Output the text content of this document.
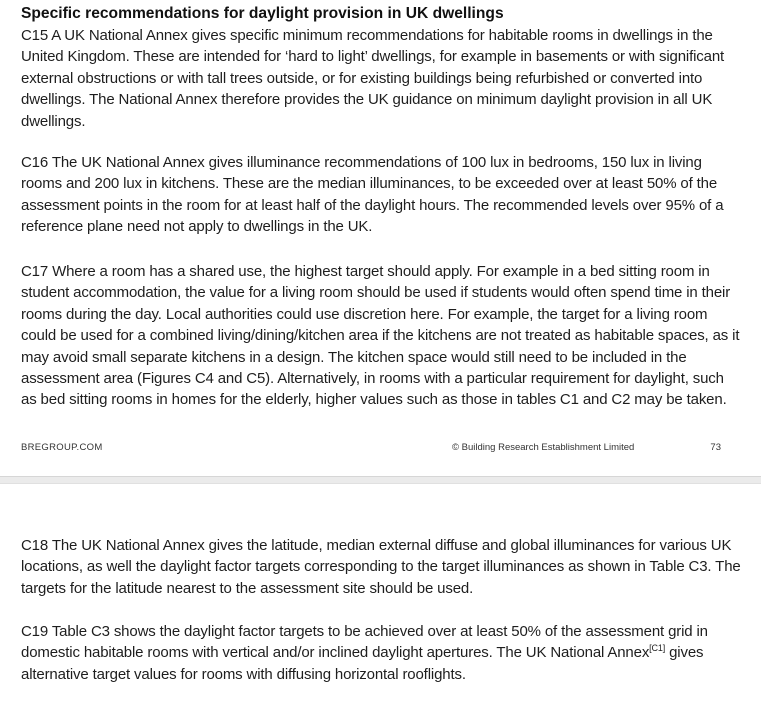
Specific recommendations for daylight provision in UK dwellings

C15 A UK National Annex gives specific minimum recommendations for habitable rooms in dwellings in the United Kingdom. These are intended for ‘hard to light’ dwellings, for example in basements or with significant external obstructions or with tall trees outside, or for existing buildings being refurbished or converted into dwellings. The National Annex therefore provides the UK guidance on minimum daylight provision in all UK dwellings.

C16 The UK National Annex gives illuminance recommendations of 100 lux in bedrooms, 150 lux in living rooms and 200 lux in kitchens. These are the median illuminances, to be exceeded over at least 50% of the assessment points in the room for at least half of the daylight hours. The recommended levels over 95% of a reference plane need not apply to dwellings in the UK.

C17 Where a room has a shared use, the highest target should apply. For example in a bed sitting room in student accommodation, the value for a living room should be used if students would often spend time in their rooms during the day. Local authorities could use discretion here. For example, the target for a living room could be used for a combined living/dining/kitchen area if the kitchens are not treated as habitable spaces, as it may avoid small separate kitchens in a design. The kitchen space would still need to be included in the assessment area (Figures C4 and C5). Alternatively, in rooms with a particular requirement for daylight, such as bed sitting rooms in homes for the elderly, higher values such as those in tables C1 and C2 may be taken.

BREGROUP.COM	© Building Research Establishment Limited	73

C18 The UK National Annex gives the latitude, median external diffuse and global illuminances for various UK locations, as well the daylight factor targets corresponding to the target illuminances as shown in Table C3. The targets for the latitude nearest to the assessment site should be used.

C19 Table C3 shows the daylight factor targets to be achieved over at least 50% of the assessment grid in domestic habitable rooms with vertical and/or inclined daylight apertures. The UK National Annex[C1] gives alternative target values for rooms with diffusing horizontal rooflights.
